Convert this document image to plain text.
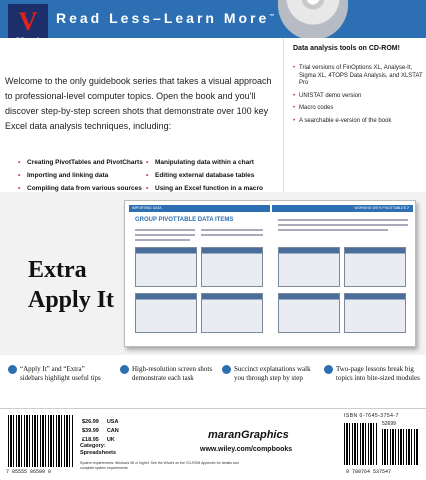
V	Read Less–Learn More™

Welcome to the only guidebook series that takes a visual approach to professional-level computer topics. Open the book and you'll discover step-by-step screen shots that demonstrate over 100 key Excel data analysis techniques, including:

• Creating PivotTables and PivotCharts
• Importing and linking data
• Compiling data from various sources
•
•
• Manipulating data within a chart
• Editing external database tables
• Using an Excel function in a macro
•
•
Data analysis tools on CD-ROM!
• Trial versions of FinOptions XL, Analyse-It, Sigma XL, 4TOPS Data Analysis, and XLSTAT Pro
• UNISTAT demo version
• Macro codes
• A searchable e-version of the book
Extra
Apply It
IMPORTING DATA
GROUP PIVOTTABLE DATA ITEMS
WORKING WITH PIVOTTABLES 7
“Apply It” and “Extra” sidebars highlight useful tips
High-resolution screen shots demonstrate each task
Succinct explanations walk you through step by step
Two-page lessons break big topics into bite-sized modules
7 85555 86599 0
$26.99	USA
$39.99	CAN
£18.95	UK
Category:
Spreadsheets
System requirements: Windows 98 or higher. See the What's on the CD-ROM Appendix for details and complete system requirements.
maranGraphics
www.wiley.com/compbooks
ISBN 0-7645-3754-7
52699
9 780764 537547
